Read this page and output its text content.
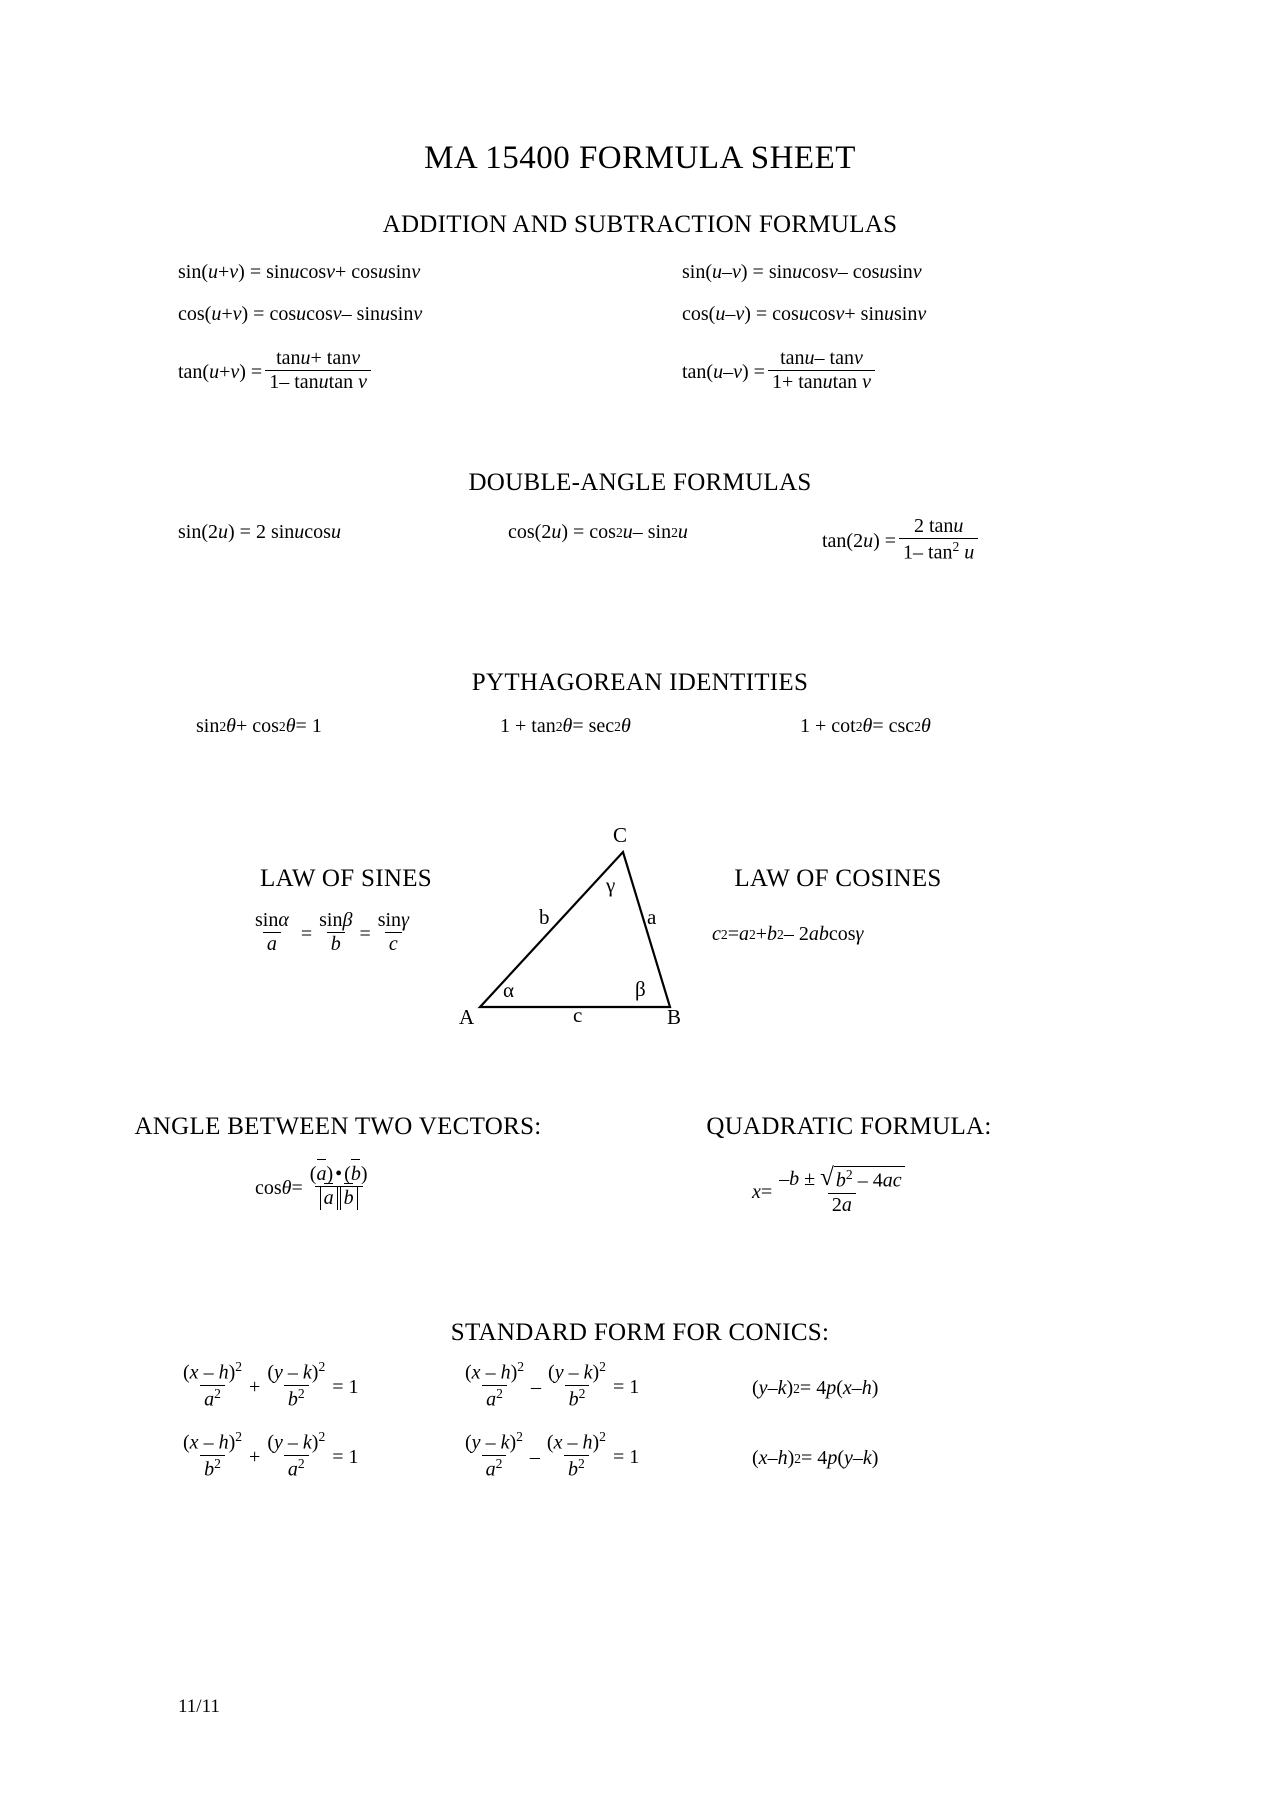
MA 15400 FORMULA SHEET
ADDITION AND SUBTRACTION FORMULAS
sin( u + v ) = sin u cos v + cos u sin v	sin( u – v ) = sin u cos v – cos u sin v
cos( u + v ) = cos u cos v – sin u sin v	cos( u – v ) = cos u cos v + sin u sin v
tan( u + v ) = $\frac{\tan u+ \tan v}{\text{1– tanutan v}}$	tan( u – v ) = $\frac{\tan u- \tan v}{\text{1+ tanutan v}}$
DOUBLE-ANGLE FORMULAS
sin(2 u ) = 2 sin u cos u	cos(2 u ) = cos 2 u – sin 2 u	tan(2 u ) = $\frac{2 \tan u}{1- \tan^2 u}$
PYTHAGOREAN IDENTITIES
sin 2 θ + cos 2 θ = 1	1 + tan 2 θ = sec 2 θ	1 + cot 2 θ = csc 2 θ
LAW OF SINES
$\frac{\sin\alpha}{a} = \frac{\sin\beta}{b} = \frac{\sin\gamma}{c}$
LAW OF COSINES
c 2 = a 2 + b 2 – 2 ab cos γ
A	B
C
c
b	a
α	β
γ
ANGLE BETWEEN TWO VECTORS:
$\cos \theta = \frac{(a) • (b)}{\text{a b}}$
QUADRATIC FORMULA:
$x = \frac{-b \pm √ b^2 - 4ac}{2a}$
STANDARD FORM FOR CONICS:
$\frac{(x - h)^2}{a^2} + \frac{(y - k)^2}{b^2} = 1$	$\frac{(x - h)^2}{a^2} - \frac{(y - k)^2}{b^2} = 1$	( y – k ) 2 = 4 p ( x – h )
$\frac{(x - h)^2}{b^2} + \frac{(y - k)^2}{a^2} = 1$	$\frac{(y - k)^2}{a^2} - \frac{(x - h)^2}{b^2} = 1$	( x – h ) 2 = 4 p ( y – k )
11/11
